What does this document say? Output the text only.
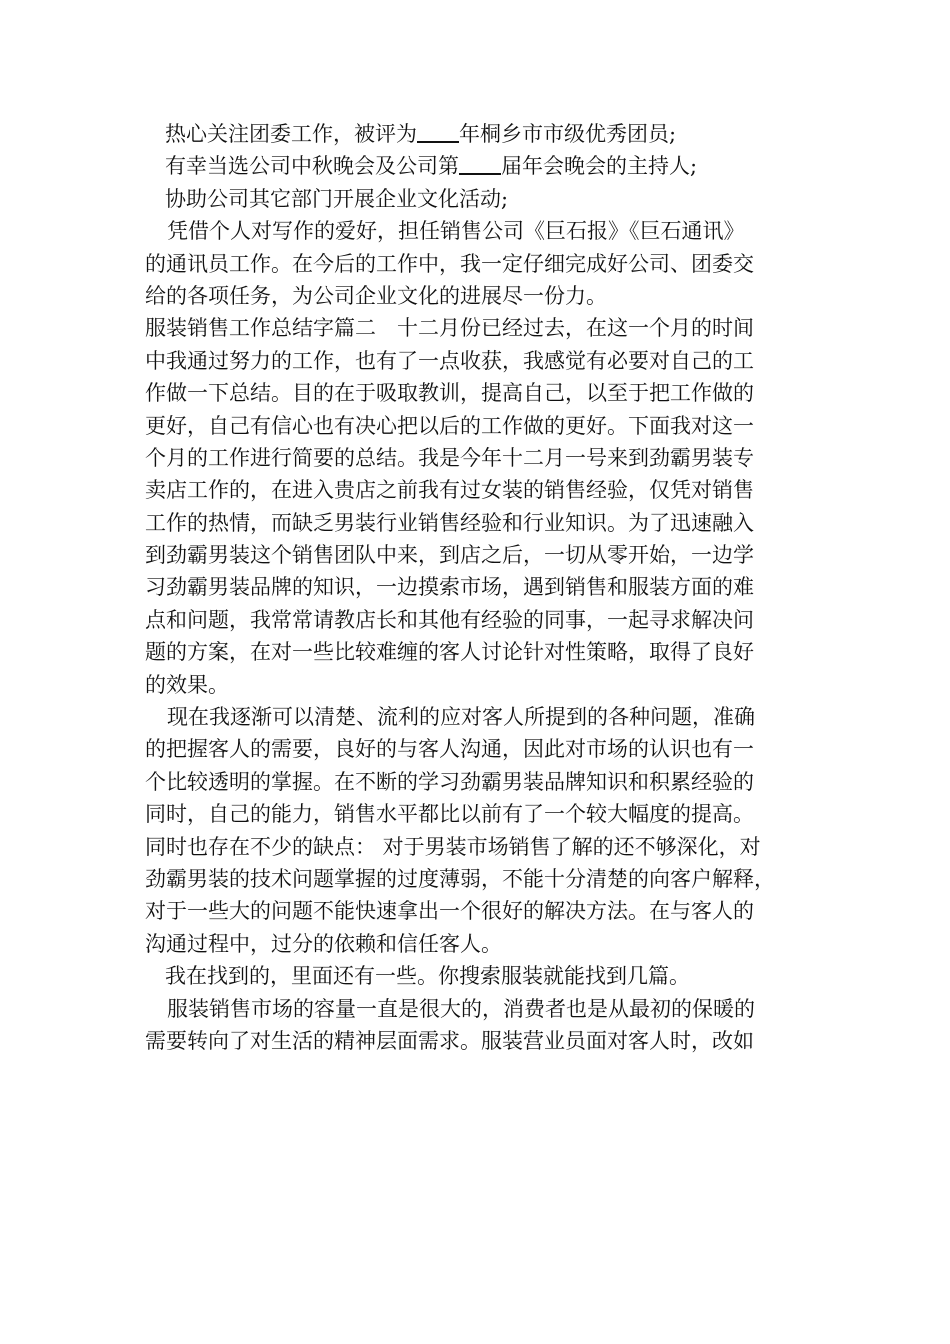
热心关注团委工作，被评为 年桐乡市市级优秀团员;
有幸当选公司中秋晚会及公司第 届年会晚会的主持人;
协助公司其它部门开展企业文化活动;
凭借个人对写作的爱好，担任销售公司《巨石报》《巨石通讯》
的通讯员工作。在今后的工作中，我一定仔细完成好公司、团委交
给的各项任务，为公司企业文化的进展尽一份力。
服装销售工作总结字篇二　十二月份已经过去，在这一个月的时间
中我通过努力的工作，也有了一点收获，我感觉有必要对自己的工
作做一下总结。目的在于吸取教训，提高自己，以至于把工作做的
更好，自己有信心也有决心把以后的工作做的更好。下面我对这一
个月的工作进行简要的总结。我是今年十二月一号来到劲霸男装专
卖店工作的，在进入贵店之前我有过女装的销售经验，仅凭对销售
工作的热情，而缺乏男装行业销售经验和行业知识。为了迅速融入
到劲霸男装这个销售团队中来，到店之后，一切从零开始，一边学
习劲霸男装品牌的知识，一边摸索市场，遇到销售和服装方面的难
点和问题，我常常请教店长和其他有经验的同事，一起寻求解决问
题的方案，在对一些比较难缠的客人讨论针对性策略，取得了良好
的效果。
现在我逐渐可以清楚、流利的应对客人所提到的各种问题，准确
的把握客人的需要，良好的与客人沟通，因此对市场的认识也有一
个比较透明的掌握。在不断的学习劲霸男装品牌知识和积累经验的
同时，自己的能力，销售水平都比以前有了一个较大幅度的提高。
同时也存在不少的缺点： 对于男装市场销售了解的还不够深化，对
劲霸男装的技术问题掌握的过度薄弱，不能十分清楚的向客户解释，
对于一些大的问题不能快速拿出一个很好的解决方法。在与客人的
沟通过程中，过分的依赖和信任客人。
我在找到的，里面还有一些。你搜索服装就能找到几篇。
服装销售市场的容量一直是很大的，消费者也是从最初的保暖的
需要转向了对生活的精神层面需求。服装营业员面对客人时，改如
